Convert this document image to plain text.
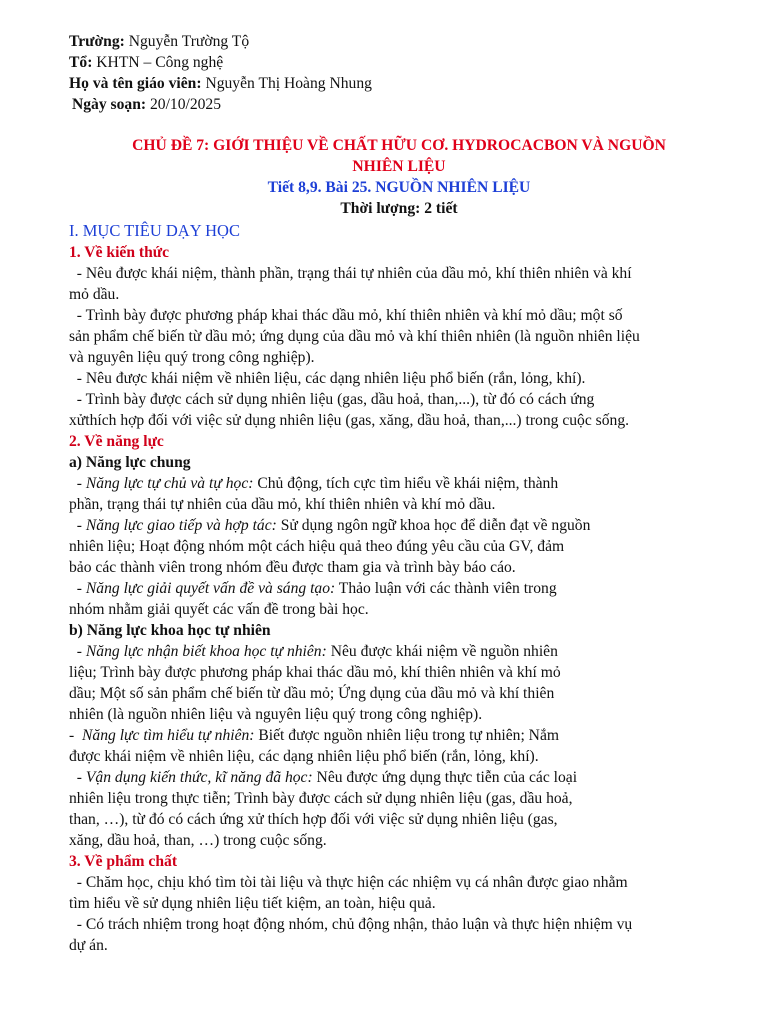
Trường: Nguyễn Trường Tộ
Tổ: KHTN – Công nghệ
Họ và tên giáo viên: Nguyễn Thị Hoàng Nhung
Ngày soạn: 20/10/2025
CHỦ ĐỀ 7: GIỚI THIỆU VỀ CHẤT HỮU CƠ. HYDROCACBON VÀ NGUỒN
NHIÊN LIỆU
Tiết 8,9. Bài 25. NGUỒN NHIÊN LIỆU
Thời lượng: 2 tiết
I. MỤC TIÊU DẠY HỌC
1. Về kiến thức
- Nêu được khái niệm, thành phần, trạng thái tự nhiên của dầu mỏ, khí thiên nhiên và khí
mỏ dầu.
- Trình bày được phương pháp khai thác dầu mỏ, khí thiên nhiên và khí mỏ dầu; một số
sản phẩm chế biến từ dầu mỏ; ứng dụng của dầu mỏ và khí thiên nhiên (là nguồn nhiên liệu
và nguyên liệu quý trong công nghiệp).
- Nêu được khái niệm về nhiên liệu, các dạng nhiên liệu phổ biến (rắn, lỏng, khí).
- Trình bày được cách sử dụng nhiên liệu (gas, dầu hoả, than,...), từ đó có cách ứng
xửthích hợp đối với việc sử dụng nhiên liệu (gas, xăng, dầu hoả, than,...) trong cuộc sống.
2. Về năng lực
a) Năng lực chung
- Năng lực tự chủ và tự học: Chủ động, tích cực tìm hiểu về khái niệm, thành
phần, trạng thái tự nhiên của dầu mỏ, khí thiên nhiên và khí mỏ dầu.
- Năng lực giao tiếp và hợp tác: Sử dụng ngôn ngữ khoa học để diễn đạt về nguồn
nhiên liệu; Hoạt động nhóm một cách hiệu quả theo đúng yêu cầu của GV, đảm
bảo các thành viên trong nhóm đều được tham gia và trình bày báo cáo.
- Năng lực giải quyết vấn đề và sáng tạo: Thảo luận với các thành viên trong
nhóm nhằm giải quyết các vấn đề trong bài học.
b) Năng lực khoa học tự nhiên
- Năng lực nhận biết khoa học tự nhiên: Nêu được khái niệm về nguồn nhiên
liệu; Trình bày được phương pháp khai thác dầu mỏ, khí thiên nhiên và khí mỏ
dầu; Một số sản phẩm chế biến từ dầu mỏ; Ứng dụng của dầu mỏ và khí thiên
nhiên (là nguồn nhiên liệu và nguyên liệu quý trong công nghiệp).
-  Năng lực tìm hiểu tự nhiên: Biết được nguồn nhiên liệu trong tự nhiên; Nắm
được khái niệm về nhiên liệu, các dạng nhiên liệu phổ biến (rắn, lỏng, khí).
- Vận dụng kiến thức, kĩ năng đã học: Nêu được ứng dụng thực tiễn của các loại
nhiên liệu trong thực tiễn; Trình bày được cách sử dụng nhiên liệu (gas, dầu hoả,
than, …), từ đó có cách ứng xử thích hợp đối với việc sử dụng nhiên liệu (gas,
xăng, dầu hoả, than, …) trong cuộc sống.
3. Về phẩm chất
- Chăm học, chịu khó tìm tòi tài liệu và thực hiện các nhiệm vụ cá nhân được giao nhằm
tìm hiểu về sử dụng nhiên liệu tiết kiệm, an toàn, hiệu quả.
- Có trách nhiệm trong hoạt động nhóm, chủ động nhận, thảo luận và thực hiện nhiệm vụ
dự án.
